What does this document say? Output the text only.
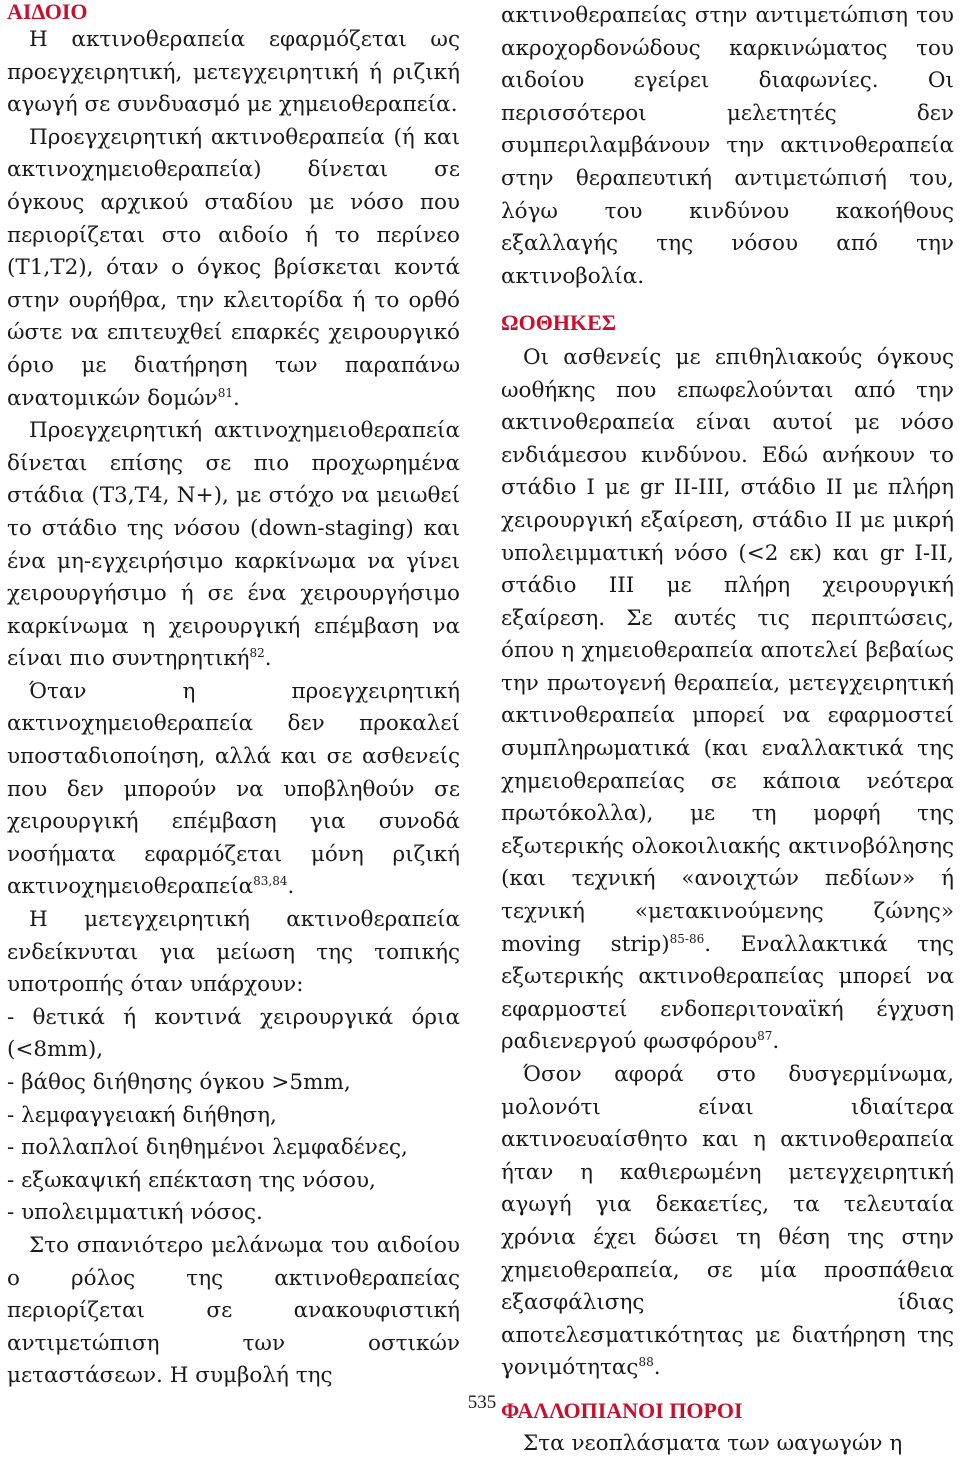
ΑΙΔΟΙΟ

Η ακτινοθεραπεία εφαρμόζεται ως προεγχειρητική, μετεγχειρητική ή ριζική αγωγή σε συνδυασμό με χημειοθεραπεία.

Προεγχειρητική ακτινοθεραπεία (ή και ακτινοχημειοθεραπεία) δίνεται σε όγκους αρχικού σταδίου με νόσο που περιορίζεται στο αιδοίο ή το περίνεο (T1,T2), όταν ο όγκος βρίσκεται κοντά στην ουρήθρα, την κλειτορίδα ή το ορθό ώστε να επιτευχθεί επαρκές χειρουργικό όριο με διατήρηση των παραπάνω ανατομικών δομών$^{81}$.

Προεγχειρητική ακτινοχημειοθεραπεία δίνεται επίσης σε πιο προχωρημένα στάδια (T3,T4, N+), με στόχο να μειωθεί το στάδιο της νόσου (down-staging) και ένα μη-εγχειρήσιμο καρκίνωμα να γίνει χειρουργήσιμο ή σε ένα χειρουργήσιμο καρκίνωμα η χειρουργική επέμβαση να είναι πιο συντηρητική$^{82}$.

Όταν η προεγχειρητική ακτινοχημειοθεραπεία δεν προκαλεί υποσταδιοποίηση, αλλά και σε ασθενείς που δεν μπορούν να υποβληθούν σε χειρουργική επέμβαση για συνοδά νοσήματα εφαρμόζεται μόνη ριζική ακτινοχημειοθεραπεία$^{83,84}$.

Η μετεγχειρητική ακτινοθεραπεία ενδείκνυται για μείωση της τοπικής υποτροπής όταν υπάρχουν:

- θετικά ή κοντινά χειρουργικά όρια (<8mm),
- βάθος διήθησης όγκου >5mm,
- λεμφαγγειακή διήθηση,
- πολλαπλοί διηθημένοι λεμφαδένες,
- εξωκαψική επέκταση της νόσου,
- υπολειμματική νόσος.

Στο σπανιότερο μελάνωμα του αιδοίου ο ρόλος της ακτινοθεραπείας περιορίζεται σε ανακουφιστική αντιμετώπιση των οστικών μεταστάσεων. Η συμβολή της

ακτινοθεραπείας στην αντιμετώπιση του ακροχορδονώδους καρκινώματος του αιδοίου εγείρει διαφωνίες. Οι περισσότεροι μελετητές δεν συμπεριλαμβάνουν την ακτινοθεραπεία στην θεραπευτική αντιμετώπισή του, λόγω του κινδύνου κακοήθους εξαλλαγής της νόσου από την ακτινοβολία.

ΩΟΘΗΚΕΣ

Οι ασθενείς με επιθηλιακούς όγκους ωοθήκης που επωφελούνται από την ακτινοθεραπεία είναι αυτοί με νόσο ενδιάμεσου κινδύνου. Εδώ ανήκουν το στάδιο I με gr II-III, στάδιο II με πλήρη χειρουργική εξαίρεση, στάδιο II με μικρή υπολειμματική νόσο (<2 εκ) και gr I-II, στάδιο III με πλήρη χειρουργική εξαίρεση. Σε αυτές τις περιπτώσεις, όπου η χημειοθεραπεία αποτελεί βεβαίως την πρωτογενή θεραπεία, μετεγχειρητική ακτινοθεραπεία μπορεί να εφαρμοστεί συμπληρωματικά (και εναλλακτικά της χημειοθεραπείας σε κάποια νεότερα πρωτόκολλα), με τη μορφή της εξωτερικής ολοκοιλιακής ακτινοβόλησης (και τεχνική «ανοιχτών πεδίων» ή τεχνική «μετακινούμενης ζώνης» moving strip)$^{85-86}$. Εναλλακτικά της εξωτερικής ακτινοθεραπείας μπορεί να εφαρμοστεί ενδοπεριτοναϊκή έγχυση ραδιενεργού φωσφόρου$^{87}$.

Όσον αφορά στο δυσγερμίνωμα, μολονότι είναι ιδιαίτερα ακτινοευαίσθητο και η ακτινοθεραπεία ήταν η καθιερωμένη μετεγχειρητική αγωγή για δεκαετίες, τα τελευταία χρόνια έχει δώσει τη θέση της στην χημειοθεραπεία, σε μία προσπάθεια εξασφάλισης ίδιας αποτελεσματικότητας με διατήρηση της γονιμότητας$^{88}$.

ΦΑΛΛΟΠΙΑΝΟΙ ΠΟΡΟΙ

Στα νεοπλάσματα των ωαγωγών η

535
